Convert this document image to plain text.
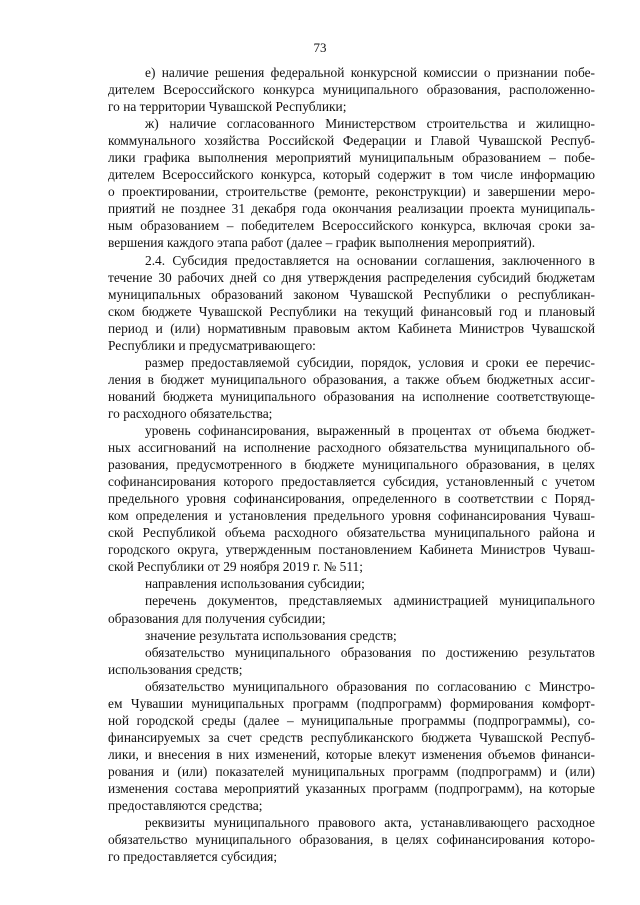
73
е) наличие решения федеральной конкурсной комиссии о признании побе-
дителем Всероссийского конкурса муниципального образования, расположенно-
го на территории Чувашской Республики;
ж) наличие согласованного Министерством строительства и жилищно-
коммунального хозяйства Российской Федерации и Главой Чувашской Респуб-
лики графика выполнения мероприятий муниципальным образованием – побе-
дителем Всероссийского конкурса, который содержит в том числе информацию
о проектировании, строительстве (ремонте, реконструкции) и завершении меро-
приятий не позднее 31 декабря года окончания реализации проекта муниципаль-
ным образованием – победителем Всероссийского конкурса, включая сроки за-
вершения каждого этапа работ (далее – график выполнения мероприятий).
2.4. Субсидия предоставляется на основании соглашения, заключенного в
течение 30 рабочих дней со дня утверждения распределения субсидий бюджетам
муниципальных образований законом Чувашской Республики о республикан-
ском бюджете Чувашской Республики на текущий финансовый год и плановый
период и (или) нормативным правовым актом Кабинета Министров Чувашской
Республики и предусматривающего:
размер предоставляемой субсидии, порядок, условия и сроки ее перечис-
ления в бюджет муниципального образования, а также объем бюджетных ассиг-
нований бюджета муниципального образования на исполнение соответствующе-
го расходного обязательства;
уровень софинансирования, выраженный в процентах от объема бюджет-
ных ассигнований на исполнение расходного обязательства муниципального об-
разования, предусмотренного в бюджете муниципального образования, в целях
софинансирования которого предоставляется субсидия, установленный с учетом
предельного уровня софинансирования, определенного в соответствии с Поряд-
ком определения и установления предельного уровня софинансирования Чуваш-
ской Республикой объема расходного обязательства муниципального района и
городского округа, утвержденным постановлением Кабинета Министров Чуваш-
ской Республики от 29 ноября 2019 г. № 511;
направления использования субсидии;
перечень документов, представляемых администрацией муниципального
образования для получения субсидии;
значение результата использования средств;
обязательство муниципального образования по достижению результатов
использования средств;
обязательство муниципального образования по согласованию с Минстро-
ем Чувашии муниципальных программ (подпрограмм) формирования комфорт-
ной городской среды (далее – муниципальные программы (подпрограммы), со-
финансируемых за счет средств республиканского бюджета Чувашской Респуб-
лики, и внесения в них изменений, которые влекут изменения объемов финанси-
рования и (или) показателей муниципальных программ (подпрограмм) и (или)
изменения состава мероприятий указанных программ (подпрограмм), на которые
предоставляются средства;
реквизиты муниципального правового акта, устанавливающего расходное
обязательство муниципального образования, в целях софинансирования которо-
го предоставляется субсидия;
